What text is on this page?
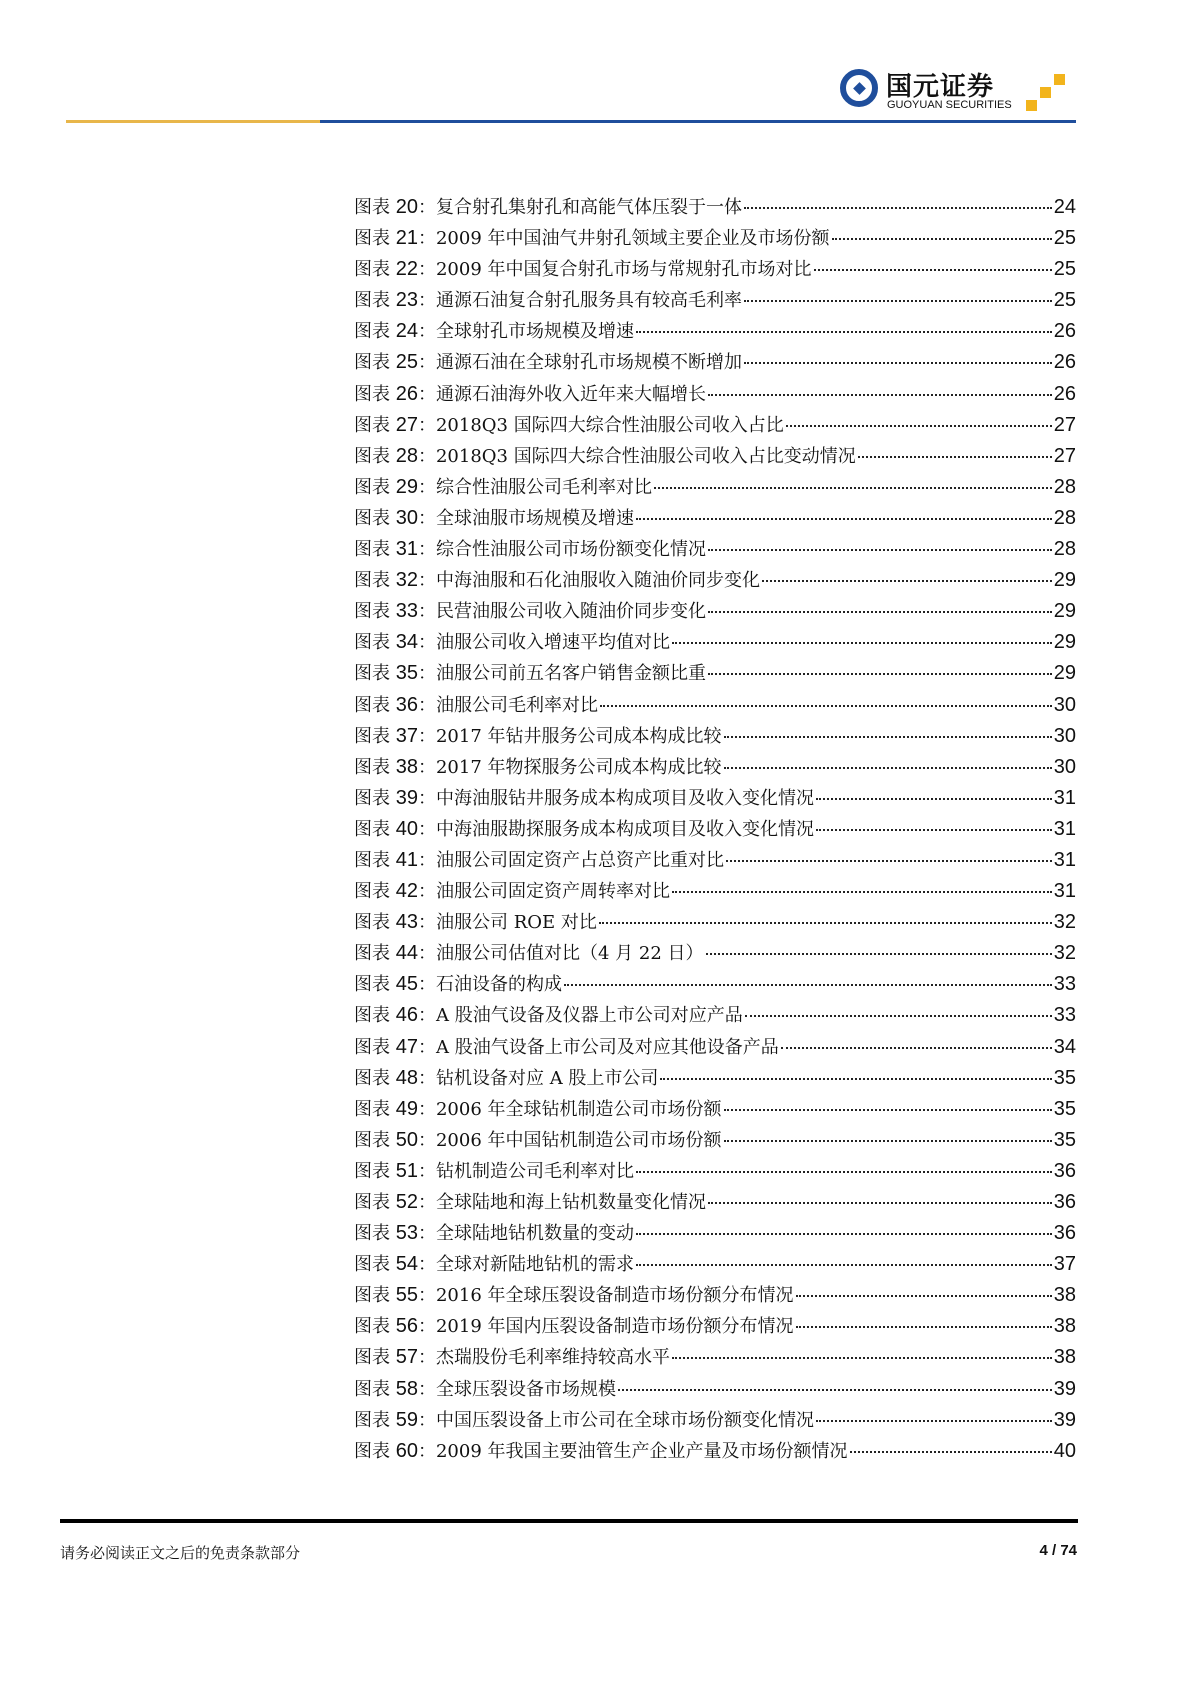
国元证券
GUOYUAN SECURITIES
图表 20：复合射孔集射孔和高能气体压裂于一体	24
图表 21：2009 年中国油气井射孔领域主要企业及市场份额	25
图表 22：2009 年中国复合射孔市场与常规射孔市场对比	25
图表 23：通源石油复合射孔服务具有较高毛利率	25
图表 24：全球射孔市场规模及增速	26
图表 25：通源石油在全球射孔市场规模不断增加	26
图表 26：通源石油海外收入近年来大幅增长	26
图表 27：2018Q3 国际四大综合性油服公司收入占比	27
图表 28：2018Q3 国际四大综合性油服公司收入占比变动情况	27
图表 29：综合性油服公司毛利率对比	28
图表 30：全球油服市场规模及增速	28
图表 31：综合性油服公司市场份额变化情况	28
图表 32：中海油服和石化油服收入随油价同步变化	29
图表 33：民营油服公司收入随油价同步变化	29
图表 34：油服公司收入增速平均值对比	29
图表 35：油服公司前五名客户销售金额比重	29
图表 36：油服公司毛利率对比	30
图表 37：2017 年钻井服务公司成本构成比较	30
图表 38：2017 年物探服务公司成本构成比较	30
图表 39：中海油服钻井服务成本构成项目及收入变化情况	31
图表 40：中海油服勘探服务成本构成项目及收入变化情况	31
图表 41：油服公司固定资产占总资产比重对比	31
图表 42：油服公司固定资产周转率对比	31
图表 43：油服公司 ROE 对比	32
图表 44：油服公司估值对比（4 月 22 日）	32
图表 45：石油设备的构成	33
图表 46：A 股油气设备及仪器上市公司对应产品	33
图表 47：A 股油气设备上市公司及对应其他设备产品	34
图表 48：钻机设备对应 A 股上市公司	35
图表 49：2006 年全球钻机制造公司市场份额	35
图表 50：2006 年中国钻机制造公司市场份额	35
图表 51：钻机制造公司毛利率对比	36
图表 52：全球陆地和海上钻机数量变化情况	36
图表 53：全球陆地钻机数量的变动	36
图表 54：全球对新陆地钻机的需求	37
图表 55：2016 年全球压裂设备制造市场份额分布情况	38
图表 56：2019 年国内压裂设备制造市场份额分布情况	38
图表 57：杰瑞股份毛利率维持较高水平	38
图表 58：全球压裂设备市场规模	39
图表 59：中国压裂设备上市公司在全球市场份额变化情况	39
图表 60：2009 年我国主要油管生产企业产量及市场份额情况	40
请务必阅读正文之后的免责条款部分	4 / 74
